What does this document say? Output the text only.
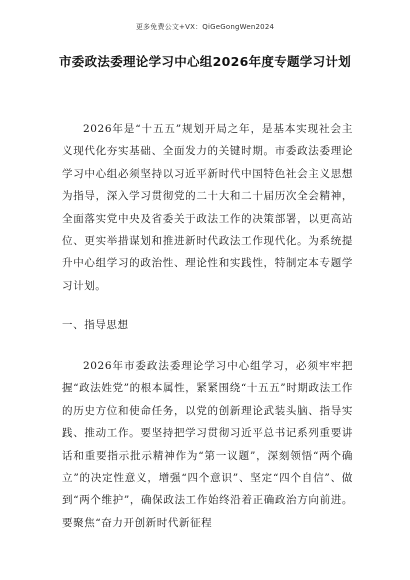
更多免费公文+VX：QiGeGongWen2024
市委政法委理论学习中心组2026年度专题学习计划

2026年是“十五五”规划开局之年，是基本实现社会主义现代化夯实基础、全面发力的关键时期。市委政法委理论学习中心组必须坚持以习近平新时代中国特色社会主义思想为指导，深入学习贯彻党的二十大和二十届历次全会精神，全面落实党中央及省委关于政法工作的决策部署，以更高站位、更实举措谋划和推进新时代政法工作现代化。为系统提升中心组学习的政治性、理论性和实践性，特制定本专题学习计划。

一、指导思想

2026年市委政法委理论学习中心组学习，必须牢牢把握“政法姓党”的根本属性，紧紧围绕“十五五”时期政法工作的历史方位和使命任务，以党的创新理论武装头脑、指导实践、推动工作。要坚持把学习贯彻习近平总书记系列重要讲话和重要指示批示精神作为“第一议题”，深刻领悟“两个确立”的决定性意义，增强“四个意识”、坚定“四个自信”、做到“两个维护”，确保政法工作始终沿着正确政治方向前进。要聚焦“奋力开创新时代新征程
